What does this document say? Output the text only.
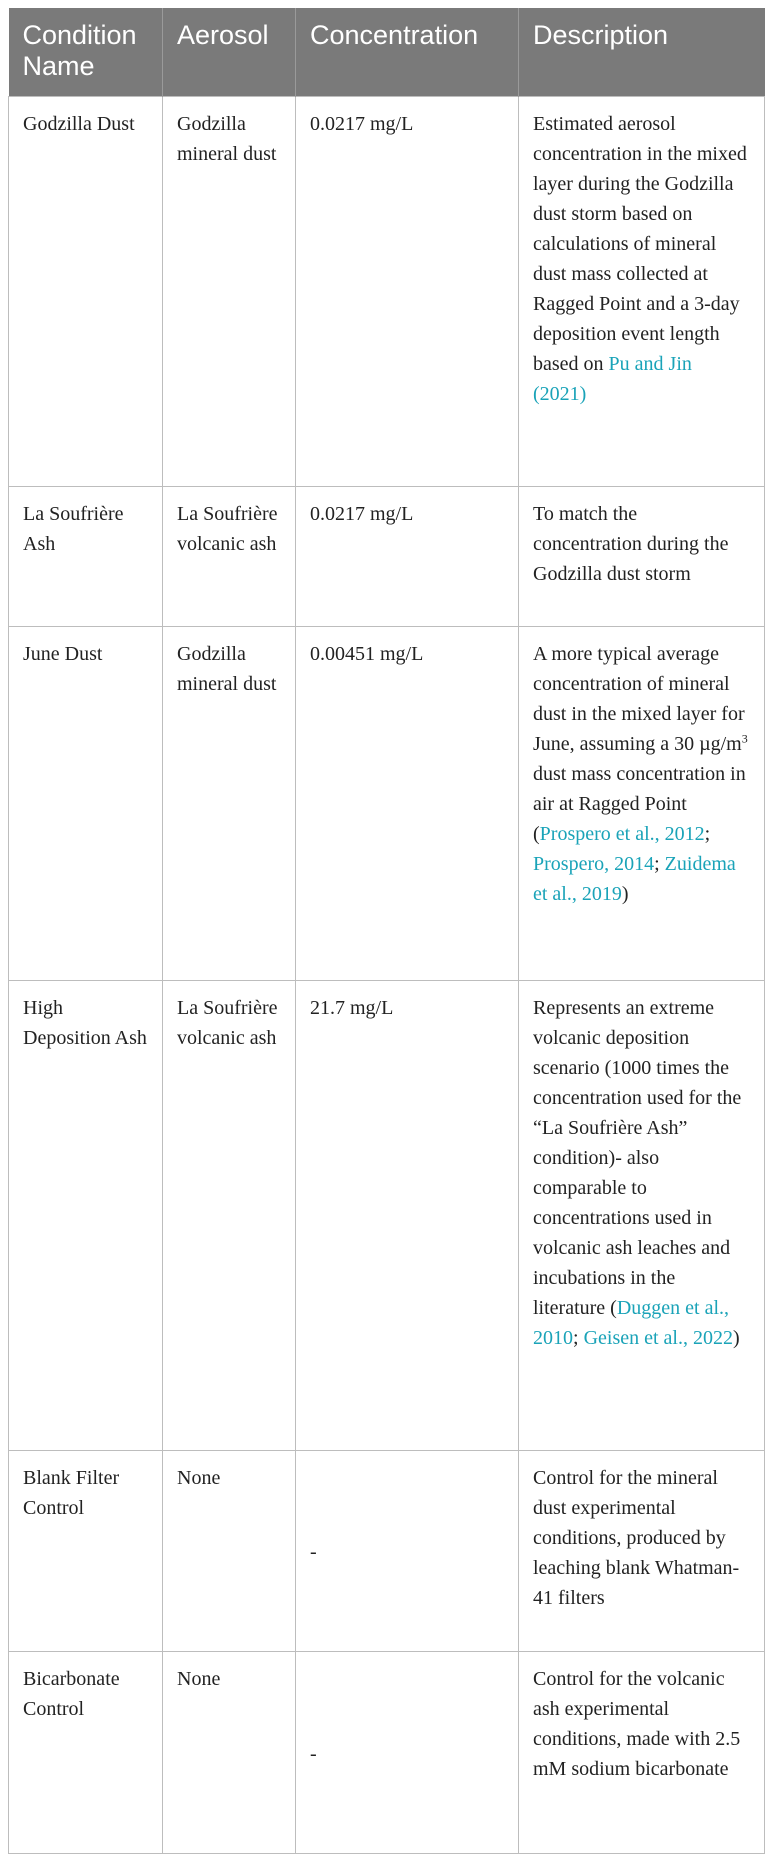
Condition Name	Aerosol	Concentration	Description
Godzilla Dust	Godzilla mineral dust	0.0217 mg/L	Estimated aerosol concentration in the mixed layer during the Godzilla dust storm based on calculations of mineral dust mass collected at Ragged Point and a 3-day deposition event length based on Pu and Jin (2021)
La Soufrière Ash	La Soufrière volcanic ash	0.0217 mg/L	To match the concentration during the Godzilla dust storm
June Dust	Godzilla mineral dust	0.00451 mg/L	A more typical average concentration of mineral dust in the mixed layer for June, assuming a 30 $\mu g/m^3$ dust mass concentration in air at Ragged Point (Prospero et al., 2012; Prospero, 2014; Zuidema et al., 2019)
High Deposition Ash	La Soufrière volcanic ash	21.7 mg/L	Represents an extreme volcanic deposition scenario (1000 times the concentration used for the “La Soufrière Ash” condition)- also comparable to concentrations used in volcanic ash leaches and incubations in the literature (Duggen et al., 2010; Geisen et al., 2022)
Blank Filter Control	None	-	Control for the mineral dust experimental conditions, produced by leaching blank Whatman-41 filters
Bicarbonate Control	None	-	Control for the volcanic ash experimental conditions, made with 2.5 mM sodium bicarbonate
